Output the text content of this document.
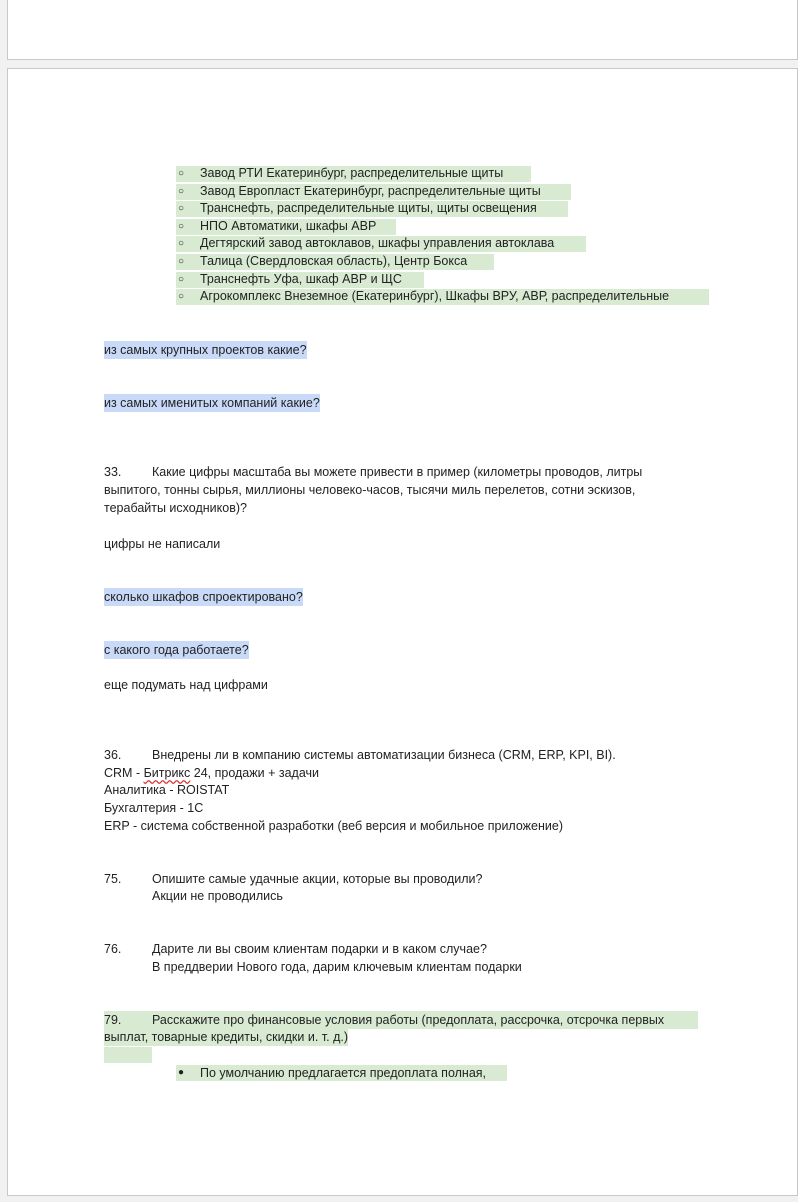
○	Завод РТИ Екатеринбург, распределительные щиты
○	Завод Европласт Екатеринбург, распределительные щиты
○	Транснефть, распределительные щиты, щиты освещения
○	НПО Автоматики, шкафы АВР
○	Дегтярский завод автоклавов, шкафы управления автоклава
○	Талица (Свердловская область), Центр Бокса
○	Транснефть Уфа, шкаф АВР и ЩС
○	Агрокомплекс Внеземное (Екатеринбург), Шкафы ВРУ, АВР, распределительные
из самых крупных проектов какие?
из самых именитых компаний какие?
33. Какие цифры масштаба вы можете привести в пример (километры проводов, литры
выпитого, тонны сырья, миллионы человеко-часов, тысячи миль перелетов, сотни эскизов,
терабайты исходников)?
цифры не написали
сколько шкафов спроектировано?
с какого года работаете?
еще подумать над цифрами
36. Внедрены ли в компанию системы автоматизации бизнеса (CRM, ERP, KPI, BI).
CRM - Битрикс 24, продажи + задачи
Аналитика - ROISTAT
Бухгалтерия - 1С
ERP - система собственной разработки (веб версия и мобильное приложение)
75. Опишите самые удачные акции, которые вы проводили?
Акции не проводились
76. Дарите ли вы своим клиентам подарки и в каком случае?
В преддверии Нового года, дарим ключевым клиентам подарки
79. Расскажите про финансовые условия работы (предоплата, рассрочка, отсрочка первых
выплат, товарные кредиты, скидки и. т. д.)
● По умолчанию предлагается предоплата полная,
